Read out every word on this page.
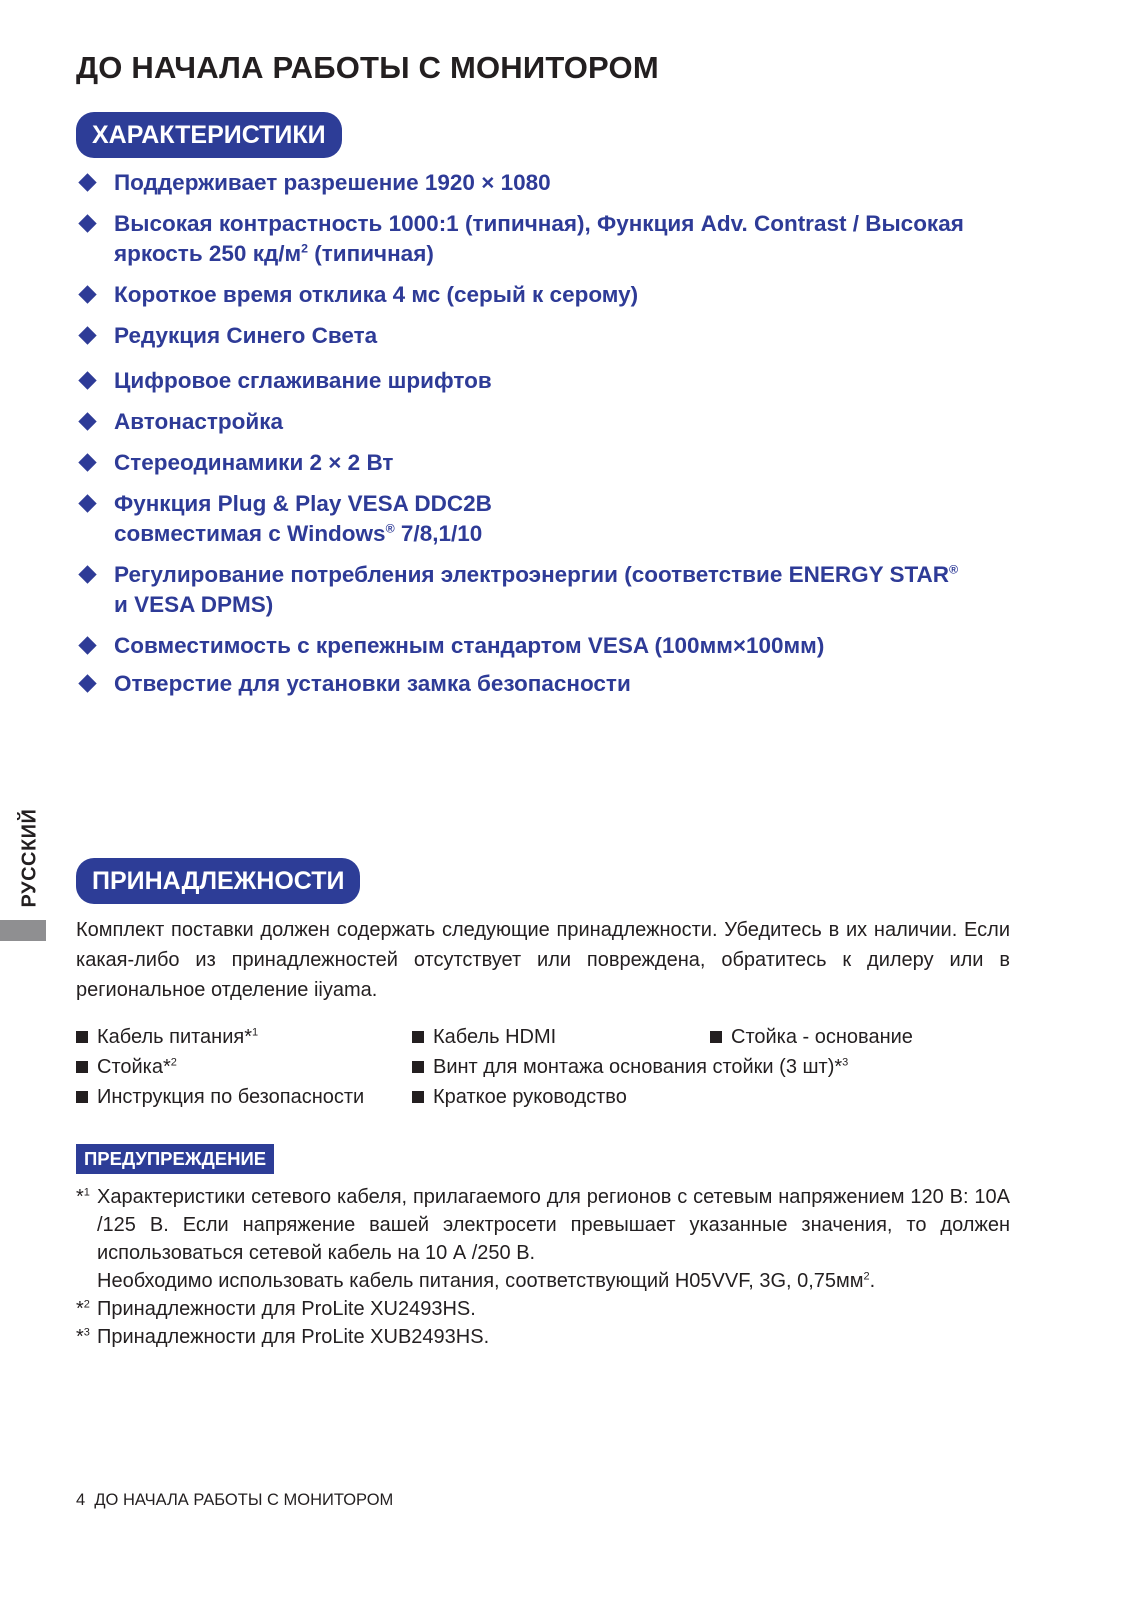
ДО НАЧАЛА РАБОТЫ С МОНИТОРОМ
ХАРАКТЕРИСТИКИ
Поддерживает разрешение 1920 × 1080
Высокая контрастность 1000:1 (типичная), Функция Adv. Contrast / Высокая
яркость 250 $кд/м^2$ (типичная)
Короткое время отклика 4 мс (серый к серому)
Редукция Синего Света
Цифровое сглаживание шрифтов
Автонастройка
Стереодинамики 2 × 2 Вт
Функция Plug & Play VESA DDC2B
совместимая с Windows® 7/8,1/10
Регулирование потребления электроэнергии (соответствие ENERGY STAR®
и VESA DPMS)
Совместимость с крепежным стандартом VESA (100мм×100мм)
Отверстие для установки замка безопасности
РУССКИЙ	ПРИНАДЛЕЖНОСТИ

Комплект поставки должен содержать следующие принадлежности. Убедитесь в их наличии. Если какая-либо из принадлежностей отсутствует или повреждена, обратитесь к дилеру или в региональное отделение iiyama.

Кабель питания*$^1$	Кабель HDMI	Стойка - основание
Стойка*$^2$	Винт для монтажа основания стойки (3 шт)*$^3$
Инструкция по безопасности	Краткое руководство
ПРЕДУПРЕЖДЕНИЕ
*$^1$ Характеристики сетевого кабеля, прилагаемого для регионов с сетевым напряжением 120 В: 10А /125 В. Если напряжение вашей электросети превышает указанные значения, то должен использоваться сетевой кабель на 10 А /250 В.
Необходимо использовать кабель питания, соответствующий H05VVF, 3G, $0,75мм^2$.
*$^2$ Принадлежности для ProLite XU2493HS.
*$^3$ Принадлежности для ProLite XUB2493HS.
4 ДО НАЧАЛА РАБОТЫ С МОНИТОРОМ
